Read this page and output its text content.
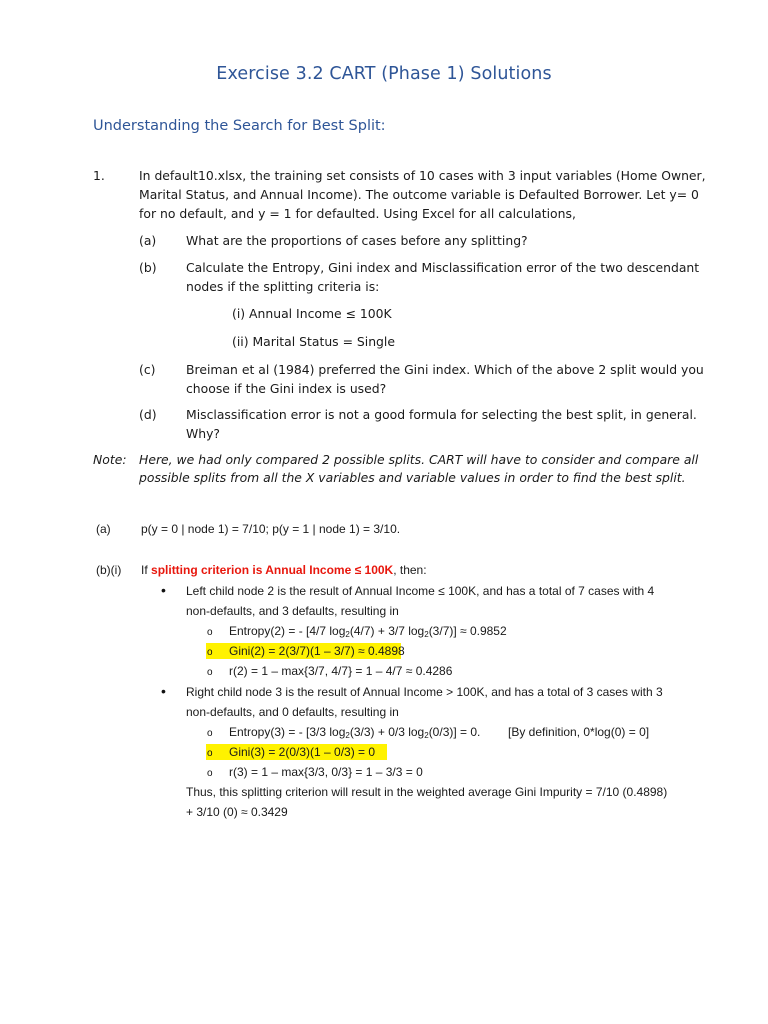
Exercise 3.2 CART (Phase 1) Solutions
Understanding the Search for Best Split:
1.	In default10.xlsx, the training set consists of 10 cases with 3 input variables (Home Owner,
Marital Status, and Annual Income). The outcome variable is Defaulted Borrower. Let y= 0
for no default, and y = 1 for defaulted. Using Excel for all calculations,
(a) What are the proportions of cases before any splitting?
(b) Calculate the Entropy, Gini index and Misclassification error of the two descendant
nodes if the splitting criteria is:
(i) Annual Income ≤ 100K
(ii) Marital Status = Single
(c) Breiman et al (1984) preferred the Gini index. Which of the above 2 split would you
choose if the Gini index is used?
(d) Misclassification error is not a good formula for selecting the best split, in general.
Why?
Note: Here, we had only compared 2 possible splits. CART will have to consider and compare all
possible splits from all the X variables and variable values in order to find the best split.
(a)	p(y = 0 | node 1) = 7/10; p(y = 1 | node 1) = 3/10.
(b)(i) If splitting criterion is Annual Income ≤ 100K, then:
• Left child node 2 is the result of Annual Income ≤ 100K, and has a total of 7 cases with 4
non-defaults, and 3 defaults, resulting in
o Entropy(2) = - [4/7 $\log_2(4/7) + 3/7$ $\log_2(3/7)] \approx 0.9852$
o Gini(2) = 2(3/7)(1 – 3/7) ≈ 0.4898
o r(2) = 1 – max{3/7, 4/7} = 1 – 4/7 ≈ 0.4286
• Right child node 3 is the result of Annual Income > 100K, and has a total of 3 cases with 3
non-defaults, and 0 defaults, resulting in
o Entropy(3) = - [3/3 $\log_2(3/3) + 0/3$ $\log_2(0/3)] = 0$. [By definition, 0*log(0) = 0]
o Gini(3) = 2(0/3)(1 – 0/3) = 0
o r(3) = 1 – max{3/3, 0/3} = 1 – 3/3 = 0
Thus, this splitting criterion will result in the weighted average Gini Impurity = 7/10 (0.4898)
+ 3/10 (0) ≈ 0.3429
